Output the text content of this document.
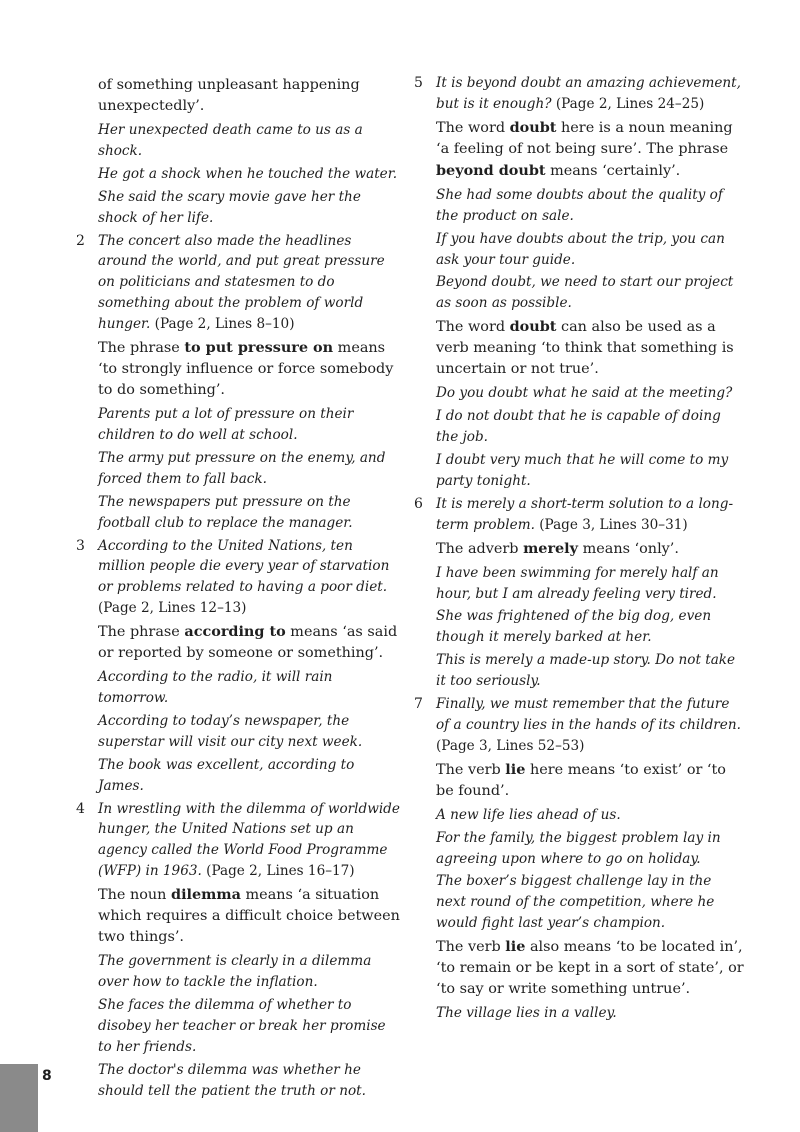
of something unpleasant happening unexpectedly’.

Her unexpected death came to us as a shock.

He got a shock when he touched the water.

She said the scary movie gave her the shock of her life.

2 The concert also made the headlines around the world, and put great pressure on politicians and statesmen to do something about the problem of world hunger. (Page 2, Lines 8–10)

The phrase to put pressure on means ‘to strongly influence or force somebody to do something’.

Parents put a lot of pressure on their children to do well at school.

The army put pressure on the enemy, and forced them to fall back.

The newspapers put pressure on the football club to replace the manager.

3 According to the United Nations, ten million people die every year of starvation or problems related to having a poor diet. (Page 2, Lines 12–13)

The phrase according to means ‘as said or reported by someone or something’.

According to the radio, it will rain tomorrow.

According to today’s newspaper, the superstar will visit our city next week.

The book was excellent, according to James.

4 In wrestling with the dilemma of worldwide hunger, the United Nations set up an agency called the World Food Programme (WFP) in 1963. (Page 2, Lines 16–17)

The noun dilemma means ‘a situation which requires a difficult choice between two things’.

The government is clearly in a dilemma over how to tackle the inflation.

She faces the dilemma of whether to disobey her teacher or break her promise to her friends.

The doctor's dilemma was whether he should tell the patient the truth or not.

5 It is beyond doubt an amazing achievement, but is it enough? (Page 2, Lines 24–25)

The word doubt here is a noun meaning ‘a feeling of not being sure’. The phrase beyond doubt means ‘certainly’.

She had some doubts about the quality of the product on sale.

If you have doubts about the trip, you can ask your tour guide.

Beyond doubt, we need to start our project as soon as possible.

The word doubt can also be used as a verb meaning ‘to think that something is uncertain or not true’.

Do you doubt what he said at the meeting?

I do not doubt that he is capable of doing the job.

I doubt very much that he will come to my party tonight.

6 It is merely a short-term solution to a long-term problem. (Page 3, Lines 30–31)

The adverb merely means ‘only’.

I have been swimming for merely half an hour, but I am already feeling very tired.

She was frightened of the big dog, even though it merely barked at her.

This is merely a made-up story. Do not take it too seriously.

7 Finally, we must remember that the future of a country lies in the hands of its children. (Page 3, Lines 52–53)

The verb lie here means ‘to exist’ or ‘to be found’.

A new life lies ahead of us.

For the family, the biggest problem lay in agreeing upon where to go on holiday.

The boxer’s biggest challenge lay in the next round of the competition, where he would fight last year’s champion.

The verb lie also means ‘to be located in’, ‘to remain or be kept in a sort of state’, or ‘to say or write something untrue’.

The village lies in a valley.

8
